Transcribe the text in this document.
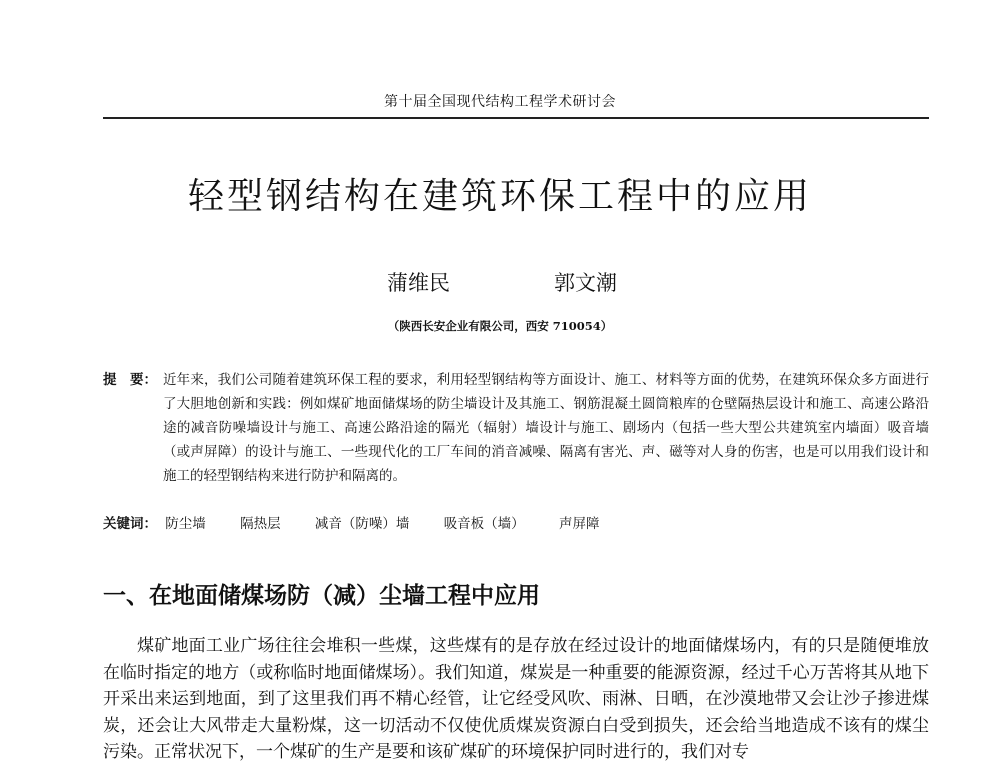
第十届全国现代结构工程学术研讨会
轻型钢结构在建筑环保工程中的应用
蒲维民	郭文潮
（陕西长安企业有限公司，西安 710054）
提　要： 近年来，我们公司随着建筑环保工程的要求，利用轻型钢结构等方面设计、施工、材料等方面的优势，在建筑环保众多方面进行了大胆地创新和实践：例如煤矿地面储煤场的防尘墙设计及其施工、钢筋混凝土圆筒粮库的仓壁隔热层设计和施工、高速公路沿途的减音防噪墙设计与施工、高速公路沿途的隔光（辐射）墙设计与施工、剧场内（包括一些大型公共建筑室内墙面）吸音墙（或声屏障）的设计与施工、一些现代化的工厂车间的消音减噪、隔离有害光、声、磁等对人身的伤害，也是可以用我们设计和施工的轻型钢结构来进行防护和隔离的。
关键词： 防尘墙	隔热层	减音（防噪）墙	吸音板（墙）	声屏障
一、在地面储煤场防（减）尘墙工程中应用

煤矿地面工业广场往往会堆积一些煤，这些煤有的是存放在经过设计的地面储煤场内，有的只是随便堆放在临时指定的地方（或称临时地面储煤场）。我们知道，煤炭是一种重要的能源资源，经过千心万苦将其从地下开采出来运到地面，到了这里我们再不精心经管，让它经受风吹、雨淋、日晒，在沙漠地带又会让沙子掺进煤炭，还会让大风带走大量粉煤，这一切活动不仅使优质煤炭资源白白受到损失，还会给当地造成不该有的煤尘污染。正常状况下，一个煤矿的生产是要和该矿煤矿的环境保护同时进行的，我们对专
